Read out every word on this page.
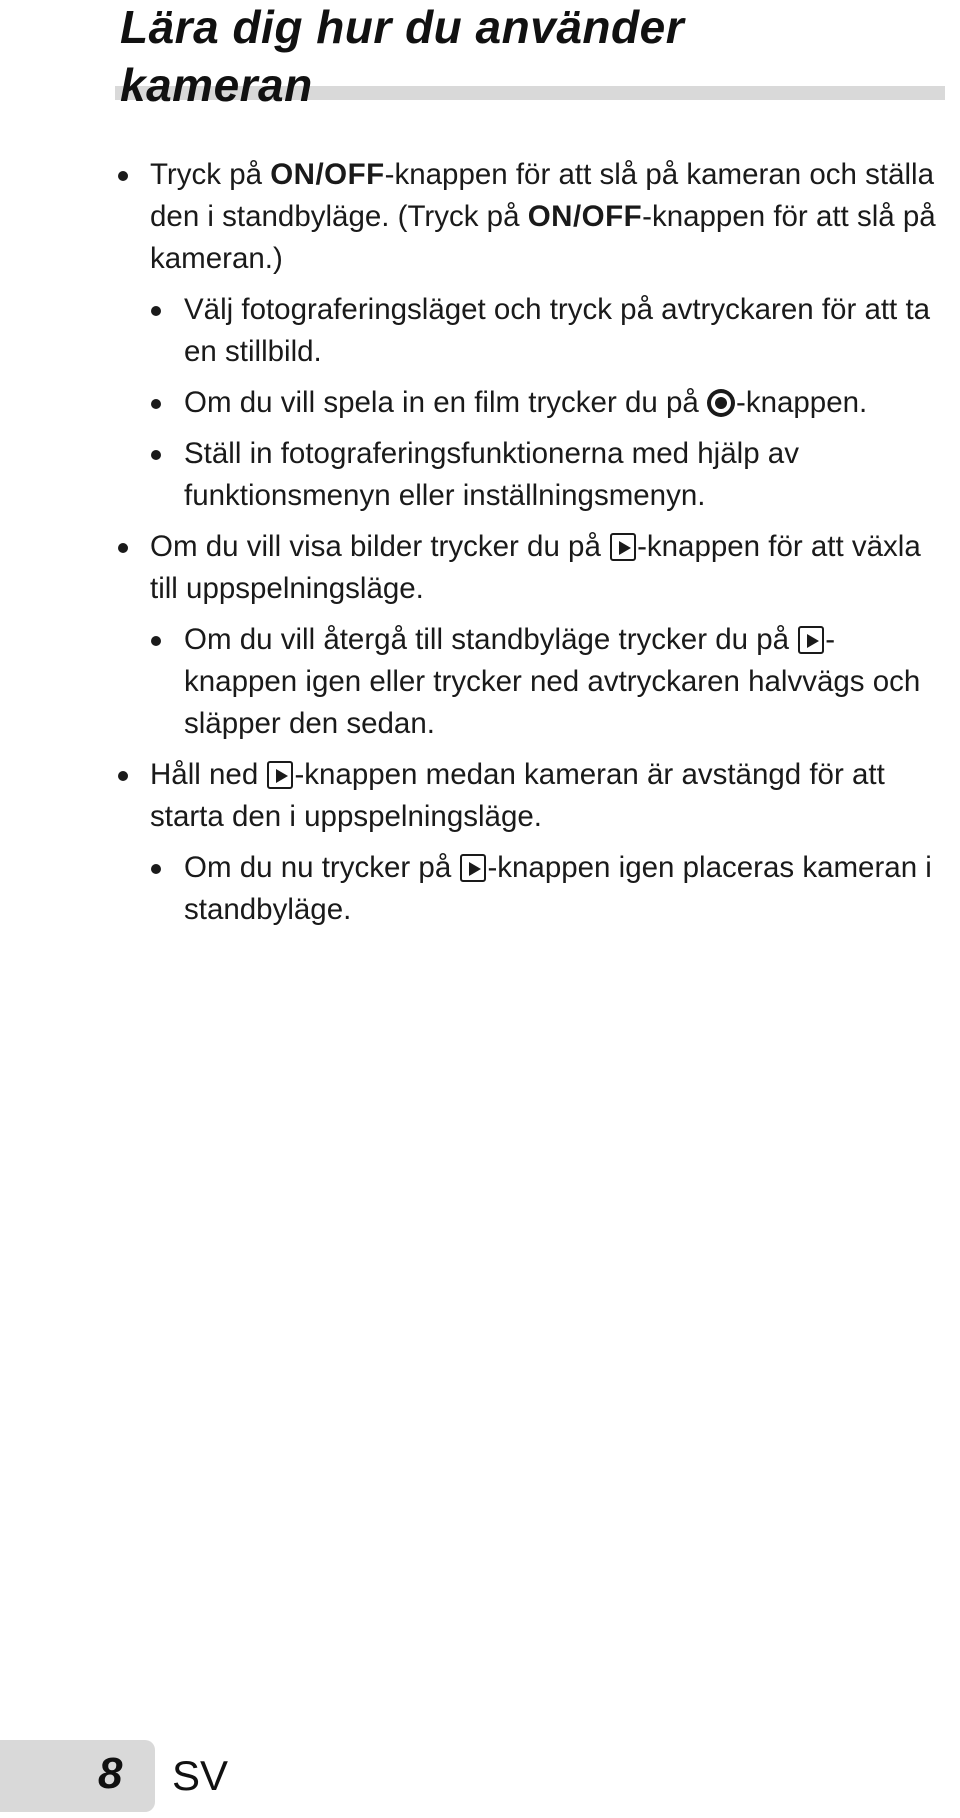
Lära dig hur du använder
kameran
Tryck på ON/OFF-knappen för att slå på kameran och ställa den i standbyläge. (Tryck på ON/OFF-knappen för att slå på kameran.)
Välj fotograferingsläget och tryck på avtryckaren för att ta en stillbild.
Om du vill spela in en film trycker du på -knappen.
Ställ in fotograferingsfunktionerna med hjälp av funktionsmenyn eller inställningsmenyn.
Om du vill visa bilder trycker du på -knappen för att växla till uppspelningsläge.
Om du vill återgå till standbyläge trycker du på -knappen igen eller trycker ned avtryckaren halvvägs och släpper den sedan.
Håll ned -knappen medan kameran är avstängd för att starta den i uppspelningsläge.
Om du nu trycker på -knappen igen placeras kameran i standbyläge.
8 SV
